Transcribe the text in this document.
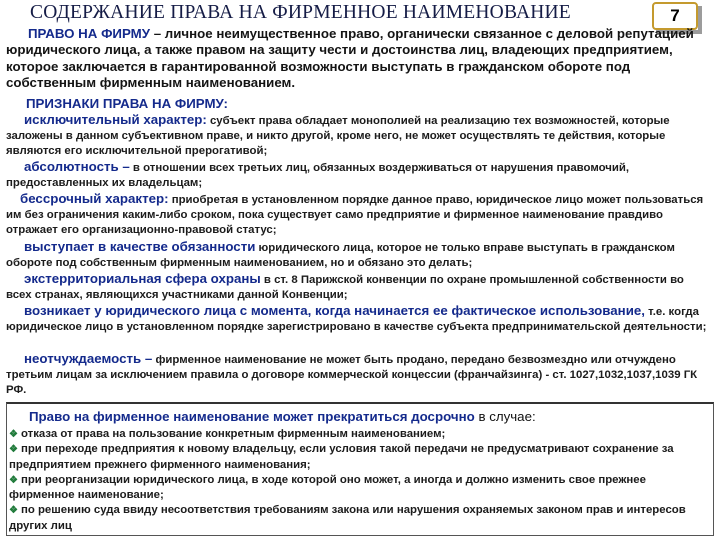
СОДЕРЖАНИЕ ПРАВА НА ФИРМЕННОЕ НАИМЕНОВАНИЕ	7
ПРАВО НА ФИРМУ – личное неимущественное право, органически связанное с деловой репутацией юридического лица, а также правом на защиту чести и достоинства лиц, владеющих предприятием, которое заключается в гарантированной возможности выступать в гражданском обороте под собственным фирменным наименованием.
ПРИЗНАКИ ПРАВА НА ФИРМУ:
исключительный характер: субъект права обладает монополией на реализацию тех возможностей, которые заложены в данном субъективном праве, и никто другой, кроме него, не может осуществлять те действия, которые являются его исключительной прерогативой;
абсолютность – в отношении всех третьих лиц, обязанных воздерживаться от нарушения правомочий, предоставленных их владельцам;
бессрочный характер: приобретая в установленном порядке данное право, юридическое лицо может пользоваться им без ограничения каким-либо сроком, пока существует само предприятие и фирменное наименование правдиво отражает его организационно-правовой статус;
выступает в качестве обязанности юридического лица, которое не только вправе выступать в гражданском обороте под собственным фирменным наименованием, но и обязано это делать;
экстерриториальная сфера охраны в ст. 8 Парижской конвенции по охране промышленной собственности во всех странах, являющихся участниками данной Конвенции;
возникает у юридического лица с момента, когда начинается ее фактическое использование, т.е. когда юридическое лицо в установленном порядке зарегистрировано в качестве субъекта предпринимательской деятельности;
неотчуждаемость – фирменное наименование не может быть продано, передано безвозмездно или отчуждено третьим лицам за исключением правила о договоре коммерческой концессии (франчайзинга) - ст. 1027,1032,1037,1039 ГК РФ.
Право на фирменное наименование может прекратиться досрочно в случае:
❖ отказа от права на пользование конкретным фирменным наименованием;
❖ при переходе предприятия к новому владельцу, если условия такой передачи не предусматривают сохранение за предприятием прежнего фирменного наименования;
❖ при реорганизации юридического лица, в ходе которой оно может, а иногда и должно изменить свое прежнее фирменное наименование;
❖ по решению суда ввиду несоответствия требованиям закона или нарушения охраняемых законом прав и интересов других лиц
